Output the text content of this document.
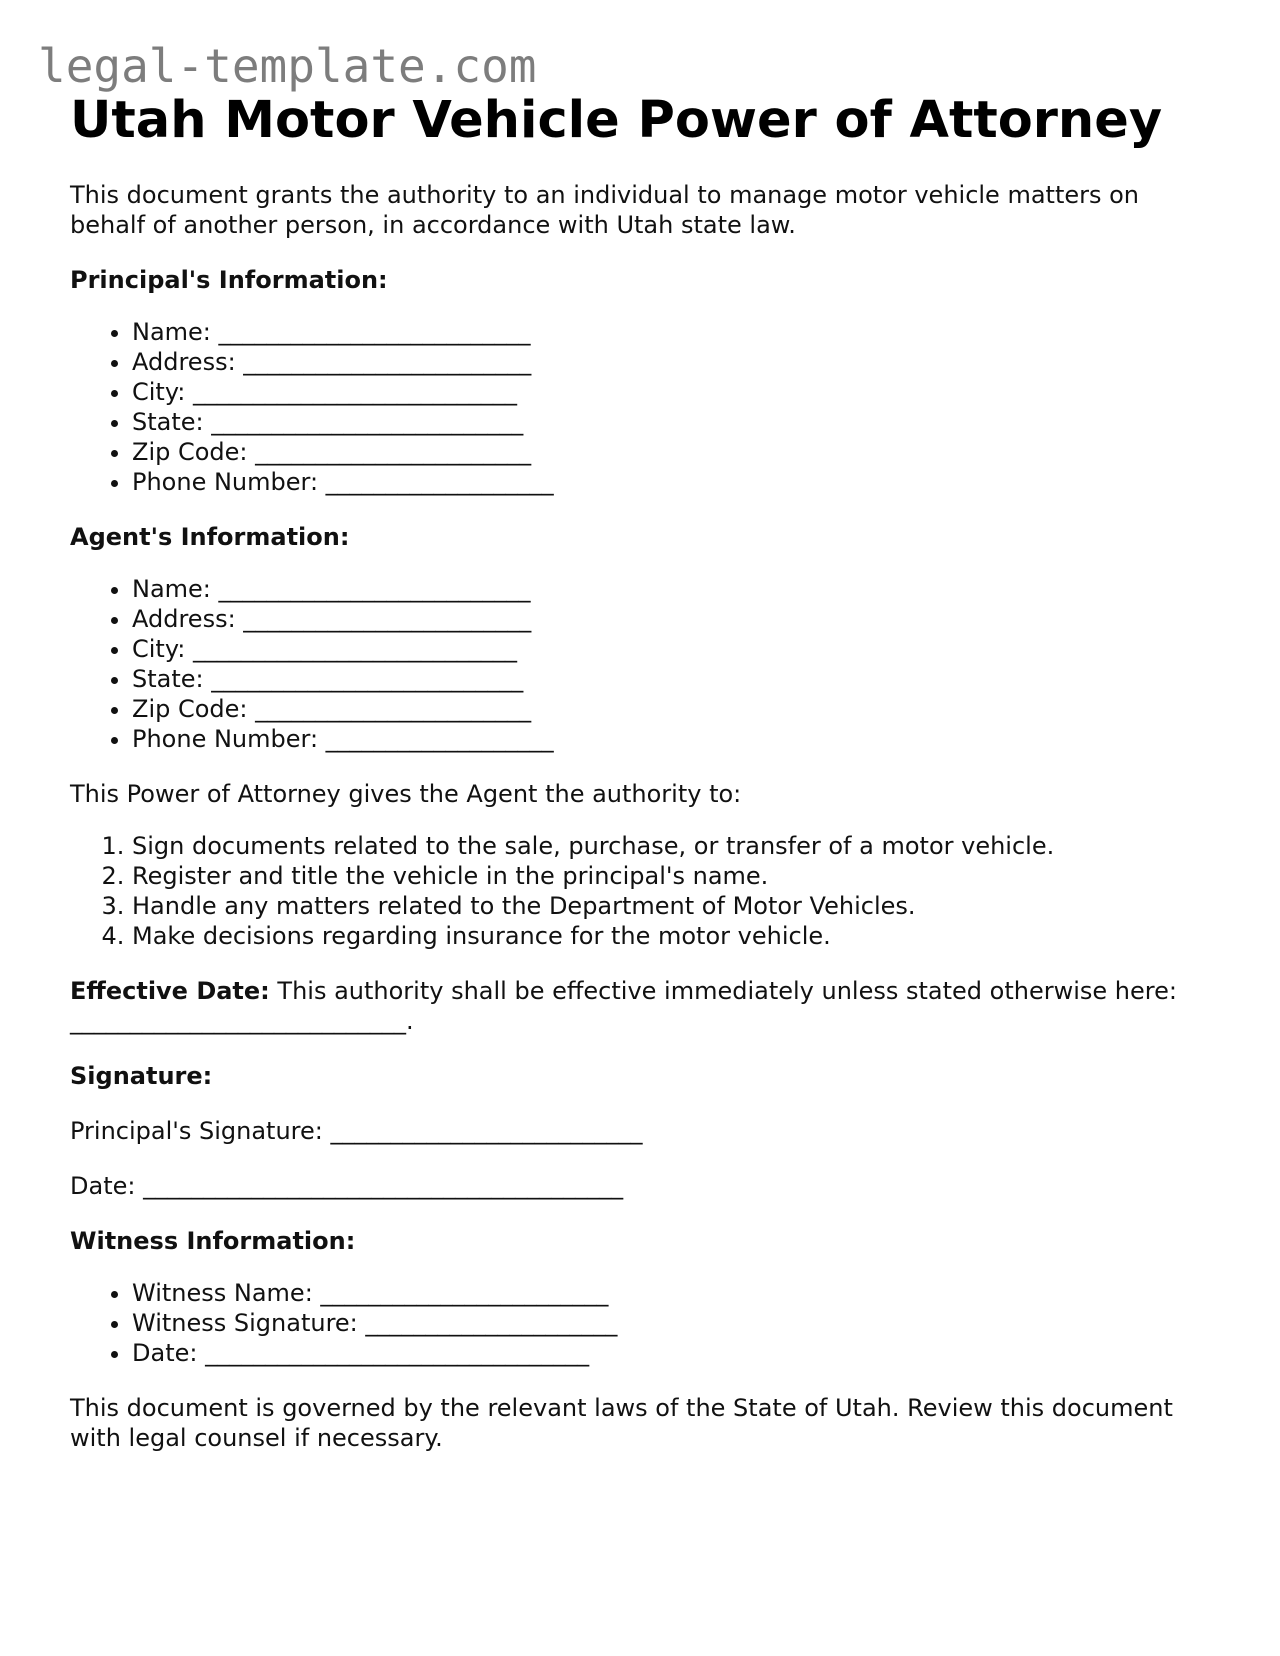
legal-template.com
Utah Motor Vehicle Power of Attorney

This document grants the authority to an individual to manage motor vehicle matters on behalf of another person, in accordance with Utah state law.

Principal's Information:
• Name: __________________________
• Address: ________________________
• City: ___________________________
• State: __________________________
• Zip Code: _______________________
• Phone Number: ___________________
Agent's Information:
• Name: __________________________
• Address: ________________________
• City: ___________________________
• State: __________________________
• Zip Code: _______________________
• Phone Number: ___________________

This Power of Attorney gives the Agent the authority to:

1. Sign documents related to the sale, purchase, or transfer of a motor vehicle.
2. Register and title the vehicle in the principal's name.
3. Handle any matters related to the Department of Motor Vehicles.
4. Make decisions regarding insurance for the motor vehicle.

Effective Date: This authority shall be effective immediately unless stated otherwise here: ____________________________.

Signature:

Principal's Signature: __________________________

Date: ________________________________________

Witness Information:
• Witness Name: ________________________
• Witness Signature: _____________________
• Date: ________________________________

This document is governed by the relevant laws of the State of Utah. Review this document with legal counsel if necessary.
